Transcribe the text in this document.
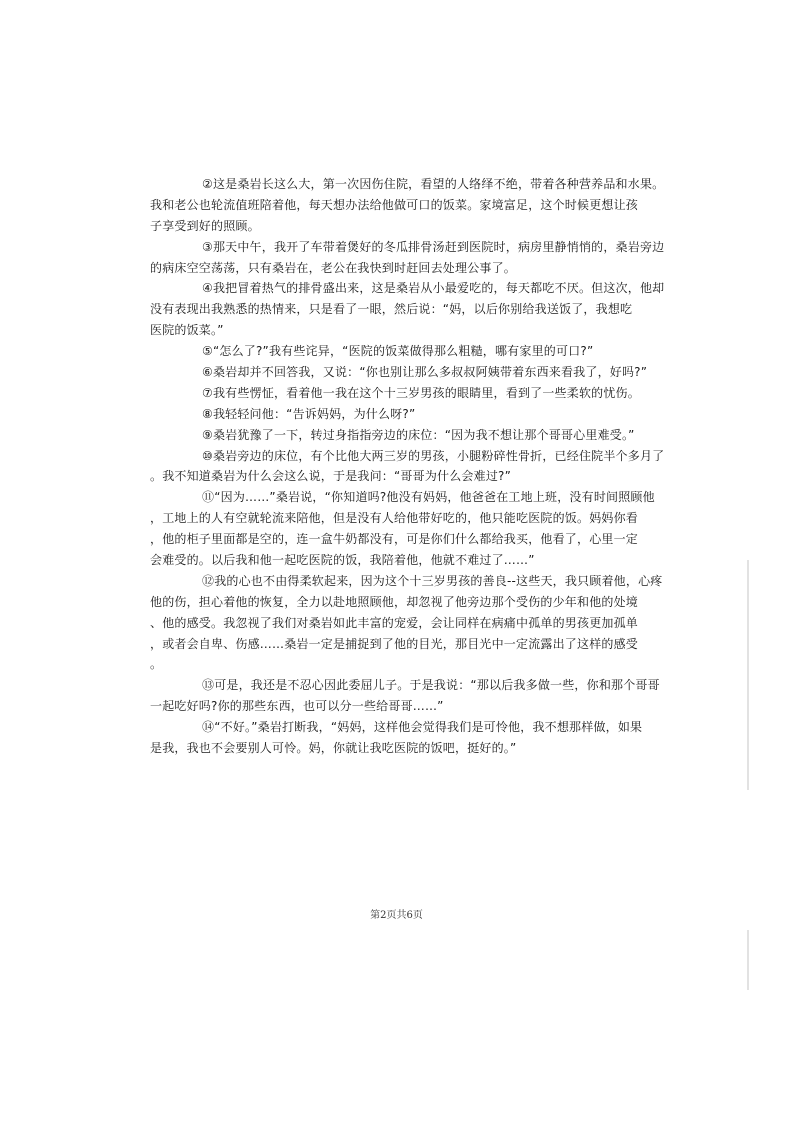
②这是桑岩长这么大，第一次因伤住院，看望的人络绎不绝，带着各种营养品和水果。
我和老公也轮流值班陪着他，每天想办法给他做可口的饭菜。家境富足，这个时候更想让孩
子享受到好的照顾。
③那天中午，我开了车带着煲好的冬瓜排骨汤赶到医院时，病房里静悄悄的，桑岩旁边
的病床空空荡荡，只有桑岩在，老公在我快到时赶回去处理公事了。
④我把冒着热气的排骨盛出来，这是桑岩从小最爱吃的，每天都吃不厌。但这次，他却
没有表现出我熟悉的热情来，只是看了一眼，然后说：“妈，以后你别给我送饭了，我想吃
医院的饭菜。”
⑤“怎么了?”我有些诧异，“医院的饭菜做得那么粗糙，哪有家里的可口?”
⑥桑岩却并不回答我，又说：“你也别让那么多叔叔阿姨带着东西来看我了，好吗?”
⑦我有些愣怔，看着他一我在这个十三岁男孩的眼睛里，看到了一些柔软的忧伤。
⑧我轻轻问他：“告诉妈妈，为什么呀?”
⑨桑岩犹豫了一下，转过身指指旁边的床位：“因为我不想让那个哥哥心里难受。”
⑩桑岩旁边的床位，有个比他大两三岁的男孩，小腿粉碎性骨折，已经住院半个多月了
。我不知道桑岩为什么会这么说，于是我问：“哥哥为什么会难过?”
⑪“因为……”桑岩说，“你知道吗?他没有妈妈，他爸爸在工地上班，没有时间照顾他
，工地上的人有空就轮流来陪他，但是没有人给他带好吃的，他只能吃医院的饭。妈妈你看
，他的柜子里面都是空的，连一盒牛奶都没有，可是你们什么都给我买，他看了，心里一定
会难受的。以后我和他一起吃医院的饭，我陪着他，他就不难过了……”
⑫我的心也不由得柔软起来，因为这个十三岁男孩的善良--这些天，我只顾着他，心疼
他的伤，担心着他的恢复，全力以赴地照顾他，却忽视了他旁边那个受伤的少年和他的处境
、他的感受。我忽视了我们对桑岩如此丰富的宠爱，会让同样在病痛中孤单的男孩更加孤单
，或者会自卑、伤感……桑岩一定是捕捉到了他的目光，那目光中一定流露出了这样的感受
。
⑬可是，我还是不忍心因此委屈儿子。于是我说：“那以后我多做一些，你和那个哥哥
一起吃好吗?你的那些东西，也可以分一些给哥哥……”
⑭“不好。”桑岩打断我，“妈妈，这样他会觉得我们是可怜他，我不想那样做，如果
是我，我也不会要别人可怜。妈，你就让我吃医院的饭吧，挺好的。”
第2页共6页
